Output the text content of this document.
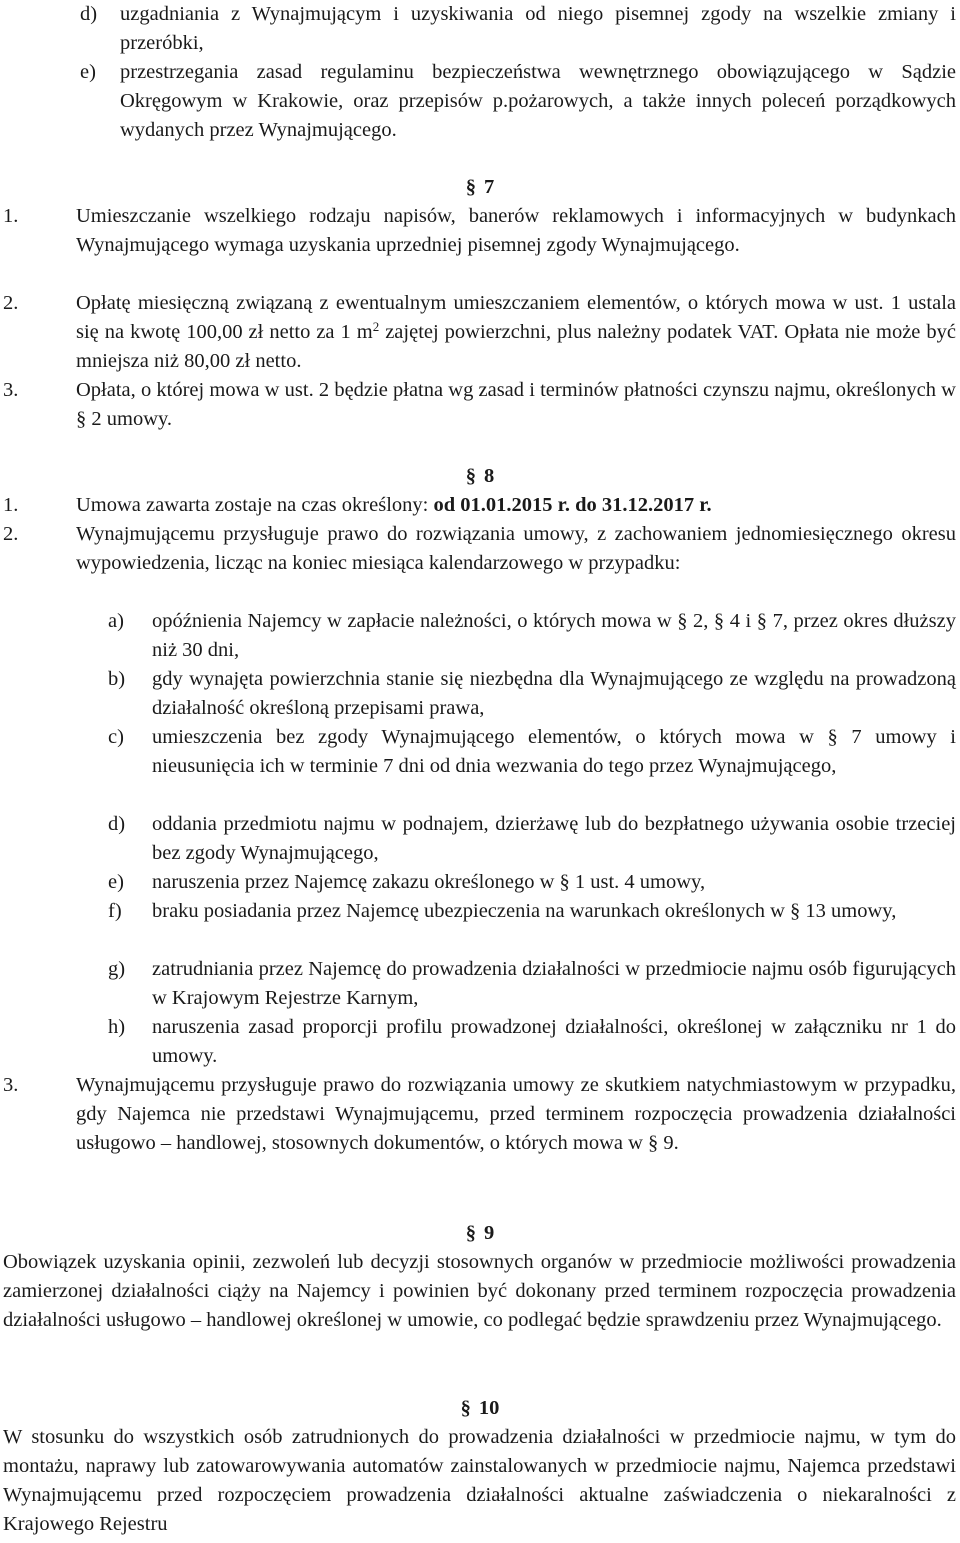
d) uzgadniania z Wynajmującym i uzyskiwania od niego pisemnej zgody na wszelkie zmiany i przeróbki,
e) przestrzegania zasad regulaminu bezpieczeństwa wewnętrznego obowiązującego w Sądzie Okręgowym w Krakowie, oraz przepisów p.pożarowych, a także innych poleceń porządkowych wydanych przez Wynajmującego.
§ 7
1.	Umieszczanie wszelkiego rodzaju napisów, banerów reklamowych i informacyjnych w budynkach Wynajmującego wymaga uzyskania uprzedniej pisemnej zgody Wynajmującego.
2.	Opłatę miesięczną związaną z ewentualnym umieszczaniem elementów, o których mowa w ust. 1 ustala się na kwotę 100,00 zł netto za 1 $m^2$ zajętej powierzchni, plus należny podatek VAT. Opłata nie może być mniejsza niż 80,00 zł netto.
3.	Opłata, o której mowa w ust. 2 będzie płatna wg zasad i terminów płatności czynszu najmu, określonych w § 2 umowy.
§ 8
1.	Umowa zawarta zostaje na czas określony: od 01.01.2015 r. do 31.12.2017 r.
2.	Wynajmującemu przysługuje prawo do rozwiązania umowy, z zachowaniem jednomiesięcznego okresu wypowiedzenia, licząc na koniec miesiąca kalendarzowego w przypadku:
a) opóźnienia Najemcy w zapłacie należności, o których mowa w § 2, § 4 i § 7, przez okres dłuższy niż 30 dni,
b) gdy wynajęta powierzchnia stanie się niezbędna dla Wynajmującego ze względu na prowadzoną działalność określoną przepisami prawa,
c) umieszczenia bez zgody Wynajmującego elementów, o których mowa w § 7 umowy i nieusunięcia ich w terminie 7 dni od dnia wezwania do tego przez Wynajmującego,
d) oddania przedmiotu najmu w podnajem, dzierżawę lub do bezpłatnego używania osobie trzeciej bez zgody Wynajmującego,
e) naruszenia przez Najemcę zakazu określonego w § 1 ust. 4 umowy,
f) braku posiadania przez Najemcę ubezpieczenia na warunkach określonych w § 13 umowy,
g) zatrudniania przez Najemcę do prowadzenia działalności w przedmiocie najmu osób figurujących w Krajowym Rejestrze Karnym,
h) naruszenia zasad proporcji profilu prowadzonej działalności, określonej w załączniku nr 1 do umowy.
3.	Wynajmującemu przysługuje prawo do rozwiązania umowy ze skutkiem natychmiastowym w przypadku, gdy Najemca nie przedstawi Wynajmującemu, przed terminem rozpoczęcia prowadzenia działalności usługowo – handlowej, stosownych dokumentów, o których mowa w § 9.
§ 9
Obowiązek uzyskania opinii, zezwoleń lub decyzji stosownych organów w przedmiocie możliwości prowadzenia zamierzonej działalności ciąży na Najemcy i powinien być dokonany przed terminem rozpoczęcia prowadzenia działalności usługowo – handlowej określonej w umowie, co podlegać będzie sprawdzeniu przez Wynajmującego.
§ 10
W stosunku do wszystkich osób zatrudnionych do prowadzenia działalności w przedmiocie najmu, w tym do montażu, naprawy lub zatowarowywania automatów zainstalowanych w przedmiocie najmu, Najemca przedstawi Wynajmującemu przed rozpoczęciem prowadzenia działalności aktualne zaświadczenia o niekaralności z Krajowego Rejestru
